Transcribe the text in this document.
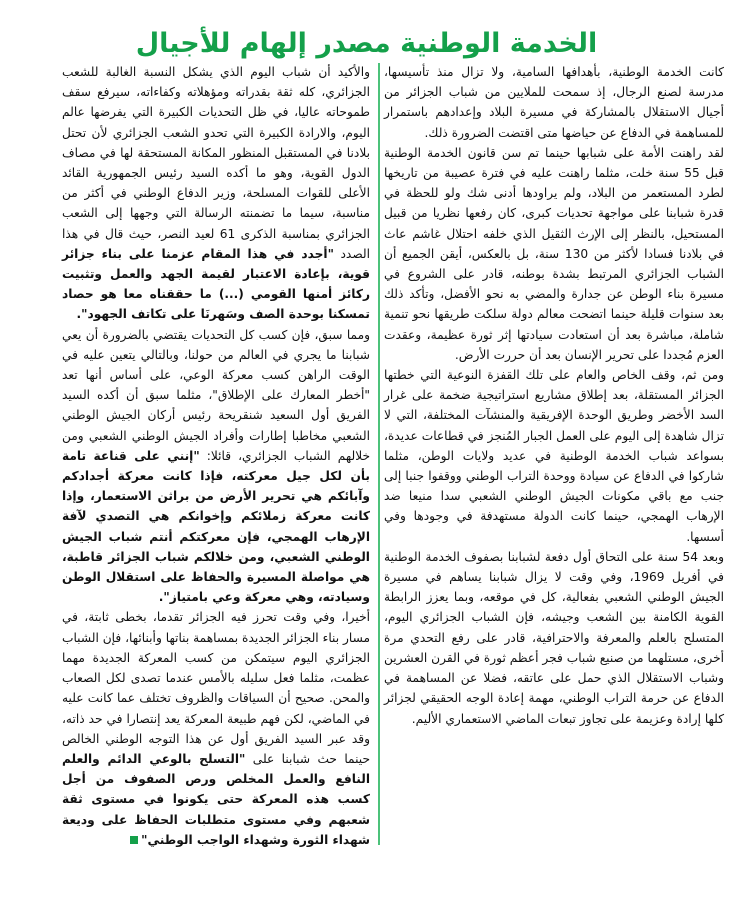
الخدمة الوطنية مصدر إلهام للأجيال

كانت الخدمة الوطنية، بأهدافها السامية، ولا تزال منذ تأسيسها، مدرسة لصنع الرجال، إذ سمحت للملايين من شباب الجزائر من أجيال الاستقلال بالمشاركة في مسيرة البلاد وإعدادهم باستمرار للمساهمة في الدفاع عن حياضها متى اقتضت الضرورة ذلك.

لقد راهنت الأمة على شبابها حينما تم سن قانون الخدمة الوطنية قبل 55 سنة خلت، مثلما راهنت عليه في فترة عصيبة من تاريخها لطرد المستعمر من البلاد، ولم يراودها أدنى شك ولو للحظة في قدرة شبابنا على مواجهة تحديات كبرى، كان رفعها نظريا من قبيل المستحيل، بالنظر إلى الإرث الثقيل الذي خلفه احتلال غاشم عاث في بلادنا فسادا لأكثر من 130 سنة، بل بالعكس، أيقن الجميع أن الشباب الجزائري المرتبط بشدة بوطنه، قادر على الشروع في مسيرة بناء الوطن عن جدارة والمضي به نحو الأفضل، وتأكد ذلك بعد سنوات قليلة حينما اتضحت معالم دولة سلكت طريقها نحو تنمية شاملة، مباشرة بعد أن استعادت سيادتها إثر ثورة عظيمة، وعقدت العزم مُجددا على تحرير الإنسان بعد أن حررت الأرض.

ومن ثم، وقف الخاص والعام على تلك القفزة النوعية التي خطتها الجزائر المستقلة، بعد إطلاق مشاريع استراتيجية ضخمة على غرار السد الأخضر وطريق الوحدة الإفريقية والمنشآت المختلفة، التي لا تزال شاهدة إلى اليوم على العمل الجبار المُنجز في قطاعات عديدة، بسواعد شباب الخدمة الوطنية في عديد ولايات الوطن، مثلما شاركوا في الدفاع عن سيادة ووحدة التراب الوطني ووقفوا جنبا إلى جنب مع باقي مكونات الجيش الوطني الشعبي سدا منيعا ضد الإرهاب الهمجي، حينما كانت الدولة مستهدفة في وجودها وفي أسسها.

وبعد 54 سنة على التحاق أول دفعة لشبابنا بصفوف الخدمة الوطنية في أفريل 1969، وفي وقت لا يزال شبابنا يساهم في مسيرة الجيش الوطني الشعبي بفعالية، كل في موقعه، وبما يعزز الرابطة القوية الكامنة بين الشعب وجيشه، فإن الشباب الجزائري اليوم، المتسلح بالعلم والمعرفة والاحترافية، قادر على رفع التحدي مرة أخرى، مستلهما من صنيع شباب فجر أعظم ثورة في القرن العشرين وشباب الاستقلال الذي حمل على عاتقه، فضلا عن المساهمة في الدفاع عن حرمة التراب الوطني، مهمة إعادة الوجه الحقيقي لجزائر كلها إرادة وعزيمة على تجاوز تبعات الماضي الاستعماري الأليم.

والأكيد أن شباب اليوم الذي يشكل النسبة الغالبة للشعب الجزائري، كله ثقة بقدراته ومؤهلاته وكفاءاته، سيرفع سقف طموحاته عاليا، في ظل التحديات الكبيرة التي يفرضها عالم اليوم، والارادة الكبيرة التي تحدو الشعب الجزائري لأن تحتل بلادنا في المستقبل المنظور المكانة المستحقة لها في مصاف الدول القوية، وهو ما أكده السيد رئيس الجمهورية القائد الأعلى للقوات المسلحة، وزير الدفاع الوطني في أكثر من مناسبة، سيما ما تضمنته الرسالة التي وجهها إلى الشعب الجزائري بمناسبة الذكرى 61 لعيد النصر، حيث قال في هذا الصدد "أجدد في هذا المقام عزمنا على بناء جزائر قوية، بإعادة الاعتبار لقيمة الجهد والعمل وتثبيت ركائز أمنها القومي (...) ما حققناه معا هو حصاد تمسكنا بوحدة الصف وسَهرنَا على تكاتف الجهود".

ومما سبق، فإن كسب كل التحديات يقتضي بالضرورة أن يعي شبابنا ما يجري في العالم من حولنا، وبالتالي يتعين عليه في الوقت الراهن كسب معركة الوعي، على أساس أنها تعد "أخطر المعارك على الإطلاق"، مثلما سبق أن أكده السيد الفريق أول السعيد شنقريحة رئيس أركان الجيش الوطني الشعبي مخاطبا إطارات وأفراد الجيش الوطني الشعبي ومن خلالهم الشباب الجزائري، قائلا: "إنني على قناعة تامة بأن لكل جيل معركته، فإذا كانت معركة أجدادكم وآبائكم هي تحرير الأرض من براثن الاستعمار، وإذا كانت معركة زملائكم وإخوانكم هي التصدي لآفة الإرهاب الهمجي، فإن معركتكم أنتم شباب الجيش الوطني الشعبي، ومن خلالكم شباب الجزائر قاطبة، هي مواصلة المسيرة والحفاظ على استقلال الوطن وسيادته، وهي معركة وعي بامتياز".

أخيرا، وفي وقت تحرز فيه الجزائر تقدما، بخطى ثابتة، في مسار بناء الجزائر الجديدة بمساهمة بناتها وأبنائها، فإن الشباب الجزائري اليوم سيتمكن من كسب المعركة الجديدة مهما عظمت، مثلما فعل سليله بالأمس عندما تصدى لكل الصعاب والمحن. صحيح أن السياقات والظروف تختلف عما كانت عليه في الماضي، لكن فهم طبيعة المعركة يعد إنتصارا في حد ذاته، وقد عبر السيد الفريق أول عن هذا التوجه الوطني الخالص حينما حث شبابنا على "التسلح بالوعي الدائم والعلم النافع والعمل المخلص ورص الصفوف من أجل كسب هذه المعركة حتى يكونوا في مستوى ثقة شعبهم وفي مستوى متطلبات الحفاظ على وديعة شهداء الثورة وشهداء الواجب الوطني"
